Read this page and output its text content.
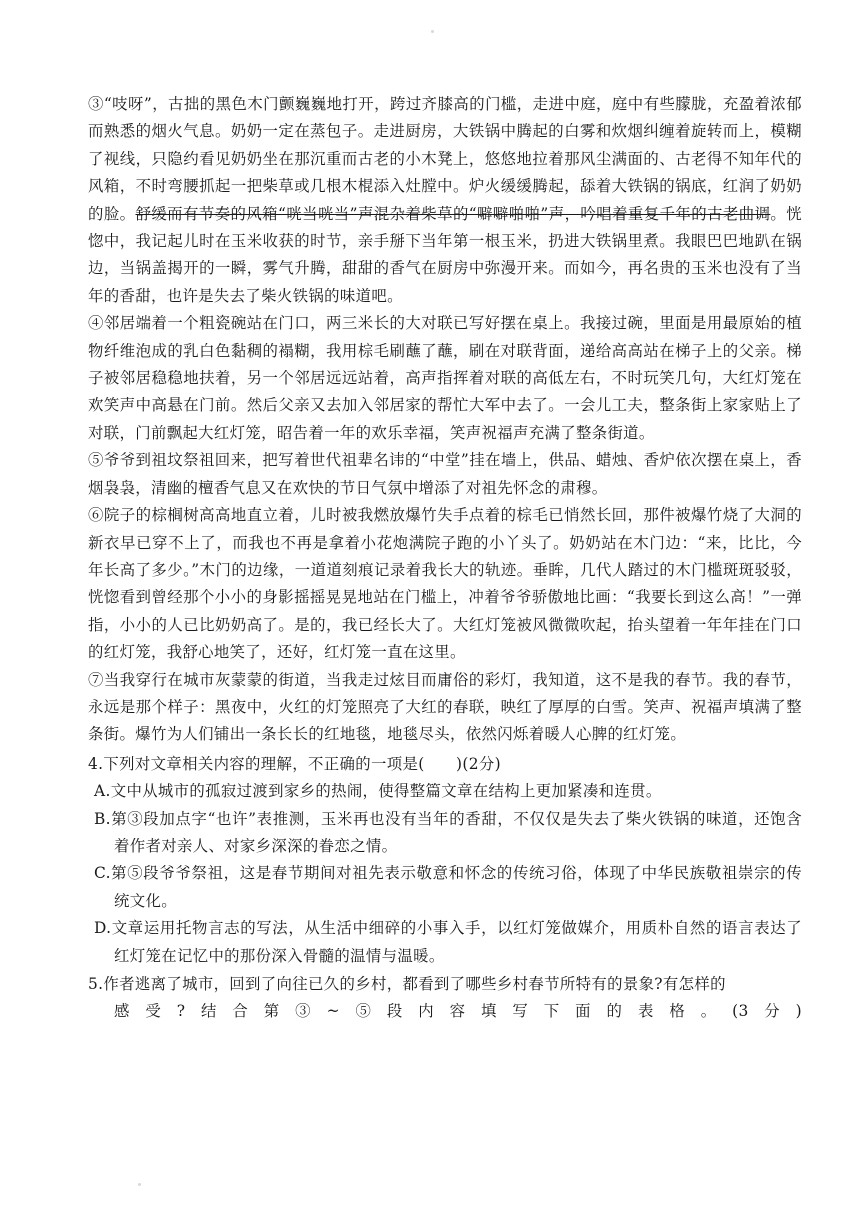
③“吱呀”，古拙的黑色木门颤巍巍地打开，跨过齐膝高的门槛，走进中庭，庭中有些朦胧，充盈着浓郁而熟悉的烟火气息。奶奶一定在蒸包子。走进厨房，大铁锅中腾起的白雾和炊烟纠缠着旋转而上，模糊了视线，只隐约看见奶奶坐在那沉重而古老的小木凳上，悠悠地拉着那风尘满面的、古老得不知年代的风箱，不时弯腰抓起一把柴草或几根木棍添入灶膛中。炉火缓缓腾起，舔着大铁锅的锅底，红润了奶奶的脸。舒缓而有节奏的风箱“咣当咣当”声混杂着柴草的“噼噼啪啪”声，吟唱着重复千年的古老曲调。恍惚中，我记起儿时在玉米收获的时节，亲手掰下当年第一根玉米，扔进大铁锅里煮。我眼巴巴地趴在锅边，当锅盖揭开的一瞬，雾气升腾，甜甜的香气在厨房中弥漫开来。而如今，再名贵的玉米也没有了当年的香甜，也许是失去了柴火铁锅的味道吧。

④邻居端着一个粗瓷碗站在门口，两三米长的大对联已写好摆在桌上。我接过碗，里面是用最原始的植物纤维泡成的乳白色黏稠的褟糊，我用棕毛刷蘸了蘸，刷在对联背面，递给高高站在梯子上的父亲。梯子被邻居稳稳地扶着，另一个邻居远远站着，高声指挥着对联的高低左右，不时玩笑几句，大红灯笼在欢笑声中高悬在门前。然后父亲又去加入邻居家的帮忙大军中去了。一会儿工夫，整条街上家家贴上了对联，门前飘起大红灯笼，昭告着一年的欢乐幸福，笑声祝福声充满了整条街道。

⑤爷爷到祖坟祭祖回来，把写着世代祖辈名讳的“中堂”挂在墙上，供品、蜡烛、香炉依次摆在桌上，香烟袅袅，清幽的檀香气息又在欢快的节日气氛中增添了对祖先怀念的肃穆。

⑥院子的棕榈树高高地直立着，儿时被我燃放爆竹失手点着的棕毛已悄然长回，那件被爆竹烧了大洞的新衣早已穿不上了，而我也不再是拿着小花炮满院子跑的小丫头了。奶奶站在木门边：“来，比比，今年长高了多少。”木门的边缘，一道道刻痕记录着我长大的轨迹。垂眸，几代人踏过的木门槛斑斑驳驳，恍惚看到曾经那个小小的身影摇摇晃晃地站在门槛上，冲着爷爷骄傲地比画：“我要长到这么高！”一弹指，小小的人已比奶奶高了。是的，我已经长大了。大红灯笼被风微微吹起，抬头望着一年年挂在门口的红灯笼，我舒心地笑了，还好，红灯笼一直在这里。

⑦当我穿行在城市灰蒙蒙的街道，当我走过炫目而庸俗的彩灯，我知道，这不是我的春节。我的春节，永远是那个样子：黑夜中，火红的灯笼照亮了大红的春联，映红了厚厚的白雪。笑声、祝福声填满了整条街。爆竹为人们铺出一条长长的红地毯，地毯尽头，依然闪烁着暖人心脾的红灯笼。

4.下列对文章相关内容的理解，不正确的一项是(　　)(2分)

A.文中从城市的孤寂过渡到家乡的热闹，使得整篇文章在结构上更加紧凑和连贯。

B.第③段加点字“也许”表推测，玉米再也没有当年的香甜，不仅仅是失去了柴火铁锅的味道，还饱含着作者对亲人、对家乡深深的眷恋之情。

C.第⑤段爷爷祭祖，这是春节期间对祖先表示敬意和怀念的传统习俗，体现了中华民族敬祖崇宗的传统文化。

D.文章运用托物言志的写法，从生活中细碎的小事入手，以红灯笼做媒介，用质朴自然的语言表达了红灯笼在记忆中的那份深入骨髓的温情与温暖。

5.作者逃离了城市，回到了向往已久的乡村，都看到了哪些乡村春节所特有的景象?有怎样的

感受?结合第③~⑤段内容填写下面的表格。(3分)
